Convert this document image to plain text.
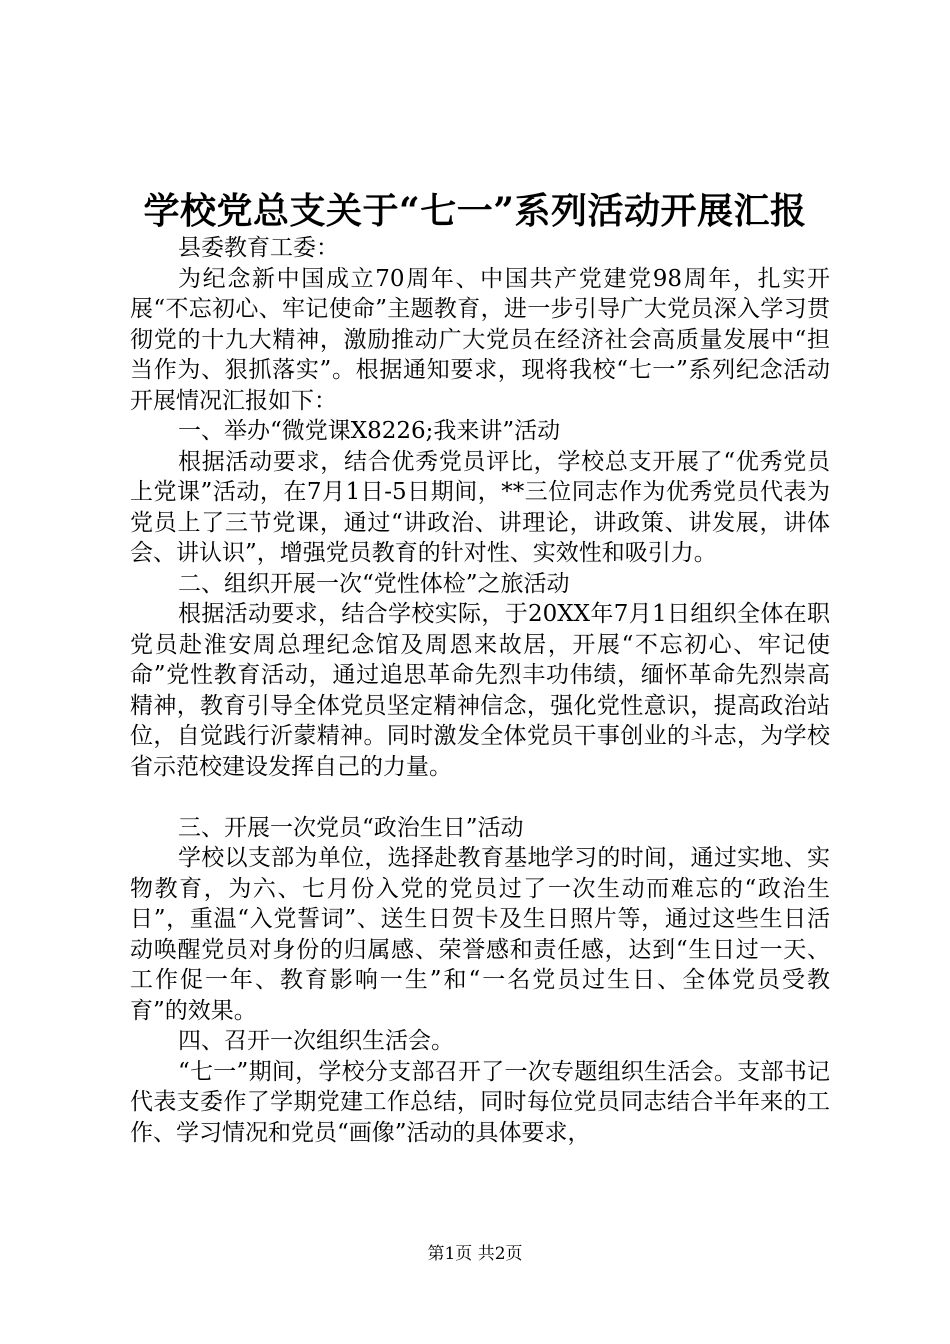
学校党总支关于“七一”系列活动开展汇报

县委教育工委：

为纪念新中国成立70周年、中国共产党建党98周年，扎实开展“不忘初心、牢记使命”主题教育，进一步引导广大党员深入学习贯彻党的十九大精神，激励推动广大党员在经济社会高质量发展中“担当作为、狠抓落实”。根据通知要求，现将我校“七一”系列纪念活动开展情况汇报如下：

一、举办“微党课X8226;我来讲”活动

根据活动要求，结合优秀党员评比，学校总支开展了“优秀党员上党课”活动，在7月1日-5日期间，**三位同志作为优秀党员代表为党员上了三节党课，通过“讲政治、讲理论，讲政策、讲发展，讲体会、讲认识”，增强党员教育的针对性、实效性和吸引力。

二、组织开展一次“党性体检”之旅活动

根据活动要求，结合学校实际，于20XX年7月1日组织全体在职党员赴淮安周总理纪念馆及周恩来故居，开展“不忘初心、牢记使命”党性教育活动，通过追思革命先烈丰功伟绩，缅怀革命先烈崇高精神，教育引导全体党员坚定精神信念，强化党性意识，提高政治站位，自觉践行沂蒙精神。同时激发全体党员干事创业的斗志，为学校省示范校建设发挥自己的力量。

三、开展一次党员“政治生日”活动

学校以支部为单位，选择赴教育基地学习的时间，通过实地、实物教育，为六、七月份入党的党员过了一次生动而难忘的“政治生日”，重温“入党誓词”、送生日贺卡及生日照片等，通过这些生日活动唤醒党员对身份的归属感、荣誉感和责任感，达到“生日过一天、工作促一年、教育影响一生”和“一名党员过生日、全体党员受教育”的效果。

四、召开一次组织生活会。

“七一”期间，学校分支部召开了一次专题组织生活会。支部书记代表支委作了学期党建工作总结，同时每位党员同志结合半年来的工作、学习情况和党员“画像”活动的具体要求，

第1页 共2页
